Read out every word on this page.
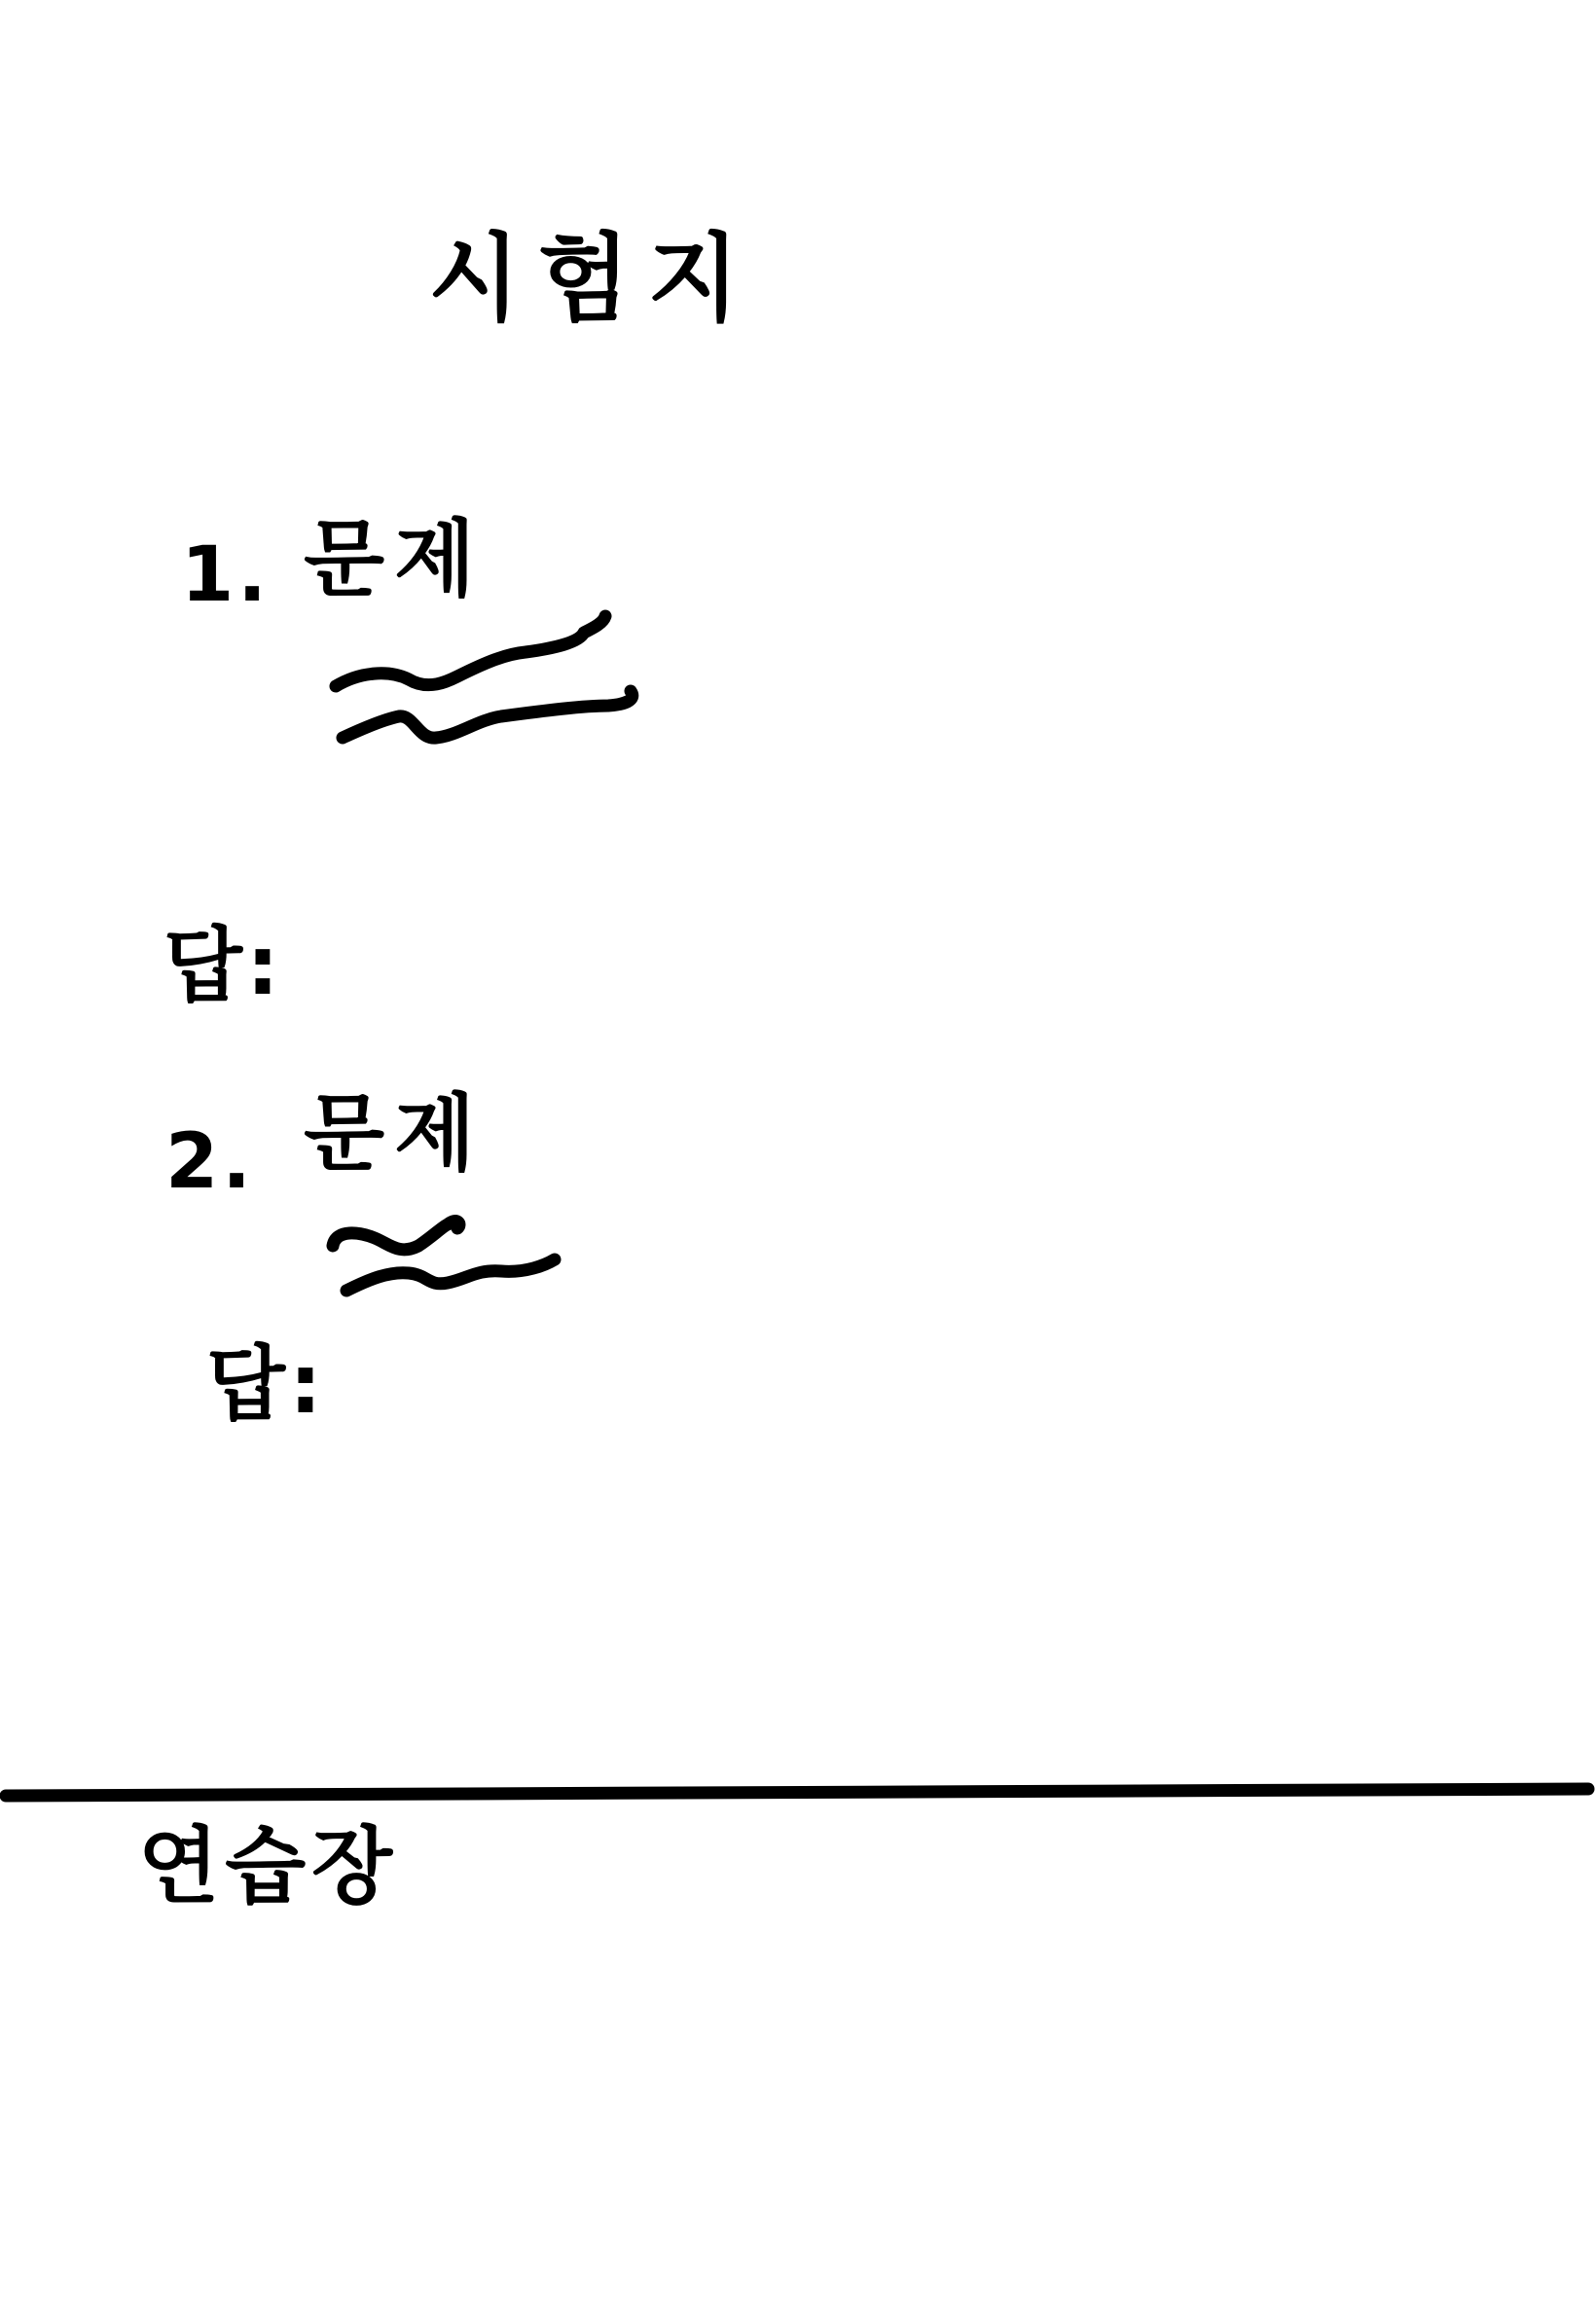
시험지
1. 문제
답:
2. 문제
답:
연습장
